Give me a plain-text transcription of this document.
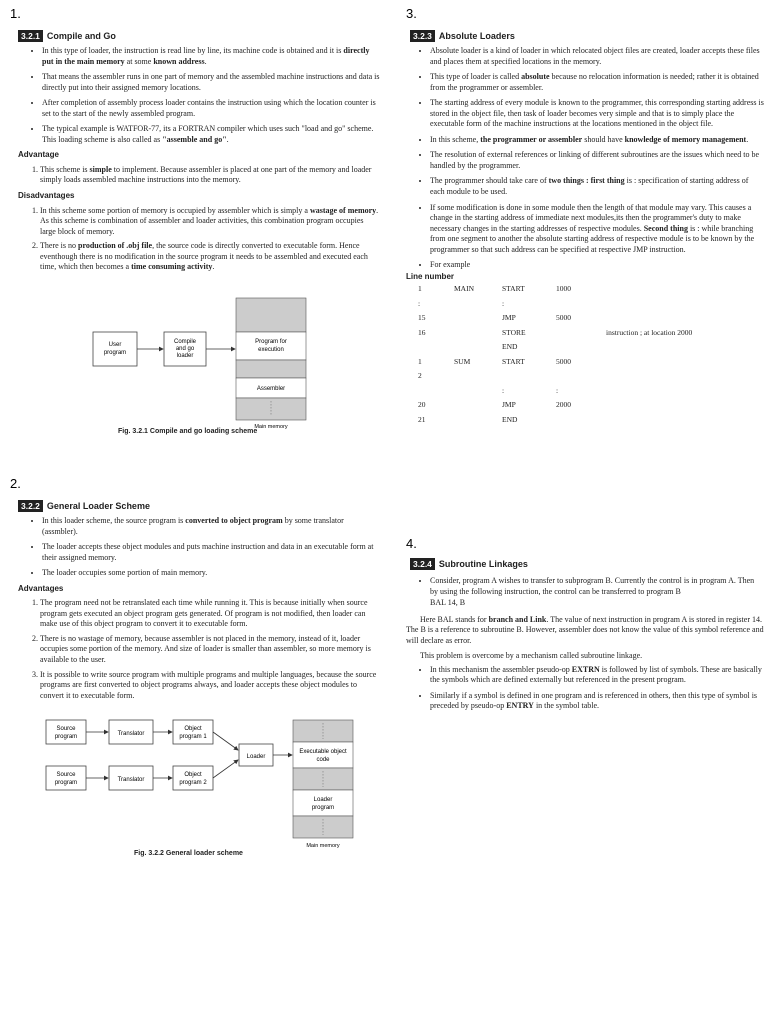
1.
3.2.1 Compile and Go
• In this type of loader, the instruction is read line by line, its machine code is obtained and it is directly put in the main memory at some known address.
• That means the assembler runs in one part of memory and the assembled machine instructions and data is directly put into their assigned memory locations.
• After completion of assembly process loader contains the instruction using which the location counter is set to the start of the newly assembled program.
• The typical example is WATFOR-77, its a FORTRAN compiler which uses such "load and go" scheme. This loading scheme is also called as "assemble and go".
Advantage
1. This scheme is simple to implement. Because assembler is placed at one part of the memory and loader simply loads assembled machine instructions into the memory.
Disadvantages
1. In this scheme some portion of memory is occupied by assembler which is simply a wastage of memory. As this scheme is combination of assembler and loader activities, this combination program occupies large block of memory.
2. There is no production of .obj file, the source code is directly converted to executable form. Hence eventhough there is no modification in the source program it needs to be assembled and executed each time, which then becomes a time consuming activity.
User
program
Compile
and go
loader
Program for
execution
Assembler
Main memory
Fig. 3.2.1 Compile and go loading scheme
2.
3.2.2 General Loader Scheme
• In this loader scheme, the source program is converted to object program by some translator (assmbler).
• The loader accepts these object modules and puts machine instruction and data in an executable form at their assigned memory.
• The loader occupies some portion of main memory.
Advantages
1. The program need not be retranslated each time while running it. This is because initially when source program gets executed an object program gets generated. Of program is not modified, then loader can make use of this object program to convert it to executable form.
2. There is no wastage of memory, because assembler is not placed in the memory, instead of it, loader occupies some portion of the memory. And size of loader is smaller than assembler, so more memory is available to the user.
3. It is possible to write source program with multiple programs and multiple languages, because the source programs are first converted to object programs always, and loader accepts these object modules to convert it to executable form.
Source
program	Translator
Object
program 1
Source
program	Translator
Object
program 2
Loader
Executable object
code
Loader
program
Main memory
Fig. 3.2.2 General loader scheme
3.
3.2.3 Absolute Loaders
• Absolute loader is a kind of loader in which relocated object files are created, loader accepts these files and places them at specified locations in the memory.
• This type of loader is called absolute because no relocation information is needed; rather it is obtained from the programmer or assembler.
• The starting address of every module is known to the programmer, this corresponding starting address is stored in the object file, then task of loader becomes very simple and that is to simply place the executable form of the machine instructions at the locations mentioned in the object file.
• In this scheme, the programmer or assembler should have knowledge of memory management.
• The resolution of external references or linking of different subroutines are the issues which need to be handled by the programmer.
• The programmer should take care of two things : first thing is : specification of starting address of each module to be used.
• If some modification is done in some module then the length of that module may vary. This causes a change in the starting address of immediate next modules,its then the programmer's duty to make necessary changes in the starting addresses of respective modules. Second thing is : while branching from one segment to another the absolute starting address of respective module is to be known by the programmer so that such address can be specified at respective JMP instruction.
• For example
Line number
1	MAIN	START	1000	
:		:		
15		JMP	5000	
16		STORE		instruction ; at location 2000
		END		
1	SUM	START	5000	
2				
		:	:	
20		JMP	2000	
21		END		
4.
3.2.4 Subroutine Linkages
• Consider, program A wishes to transfer to subprogram B. Currently the control is in program A. Then by using the following instruction, the control can be transferred to program B
BAL 14, B
Here BAL stands for branch and Link. The value of next instruction in program A is stored in register 14. The B is a reference to subroutine B. However, assembler does not know the value of this symbol reference and will declare as error.
This problem is overcome by a mechanism called subroutine linkage.
• In this mechanism the assembler pseudo-op EXTRN is followed by list of symbols. These are basically the symbols which are defined externally but referenced in the present program.
• Similarly if a symbol is defined in one program and is referenced in others, then this type of symbol is preceded by pseudo-op ENTRY in the symbol table.
